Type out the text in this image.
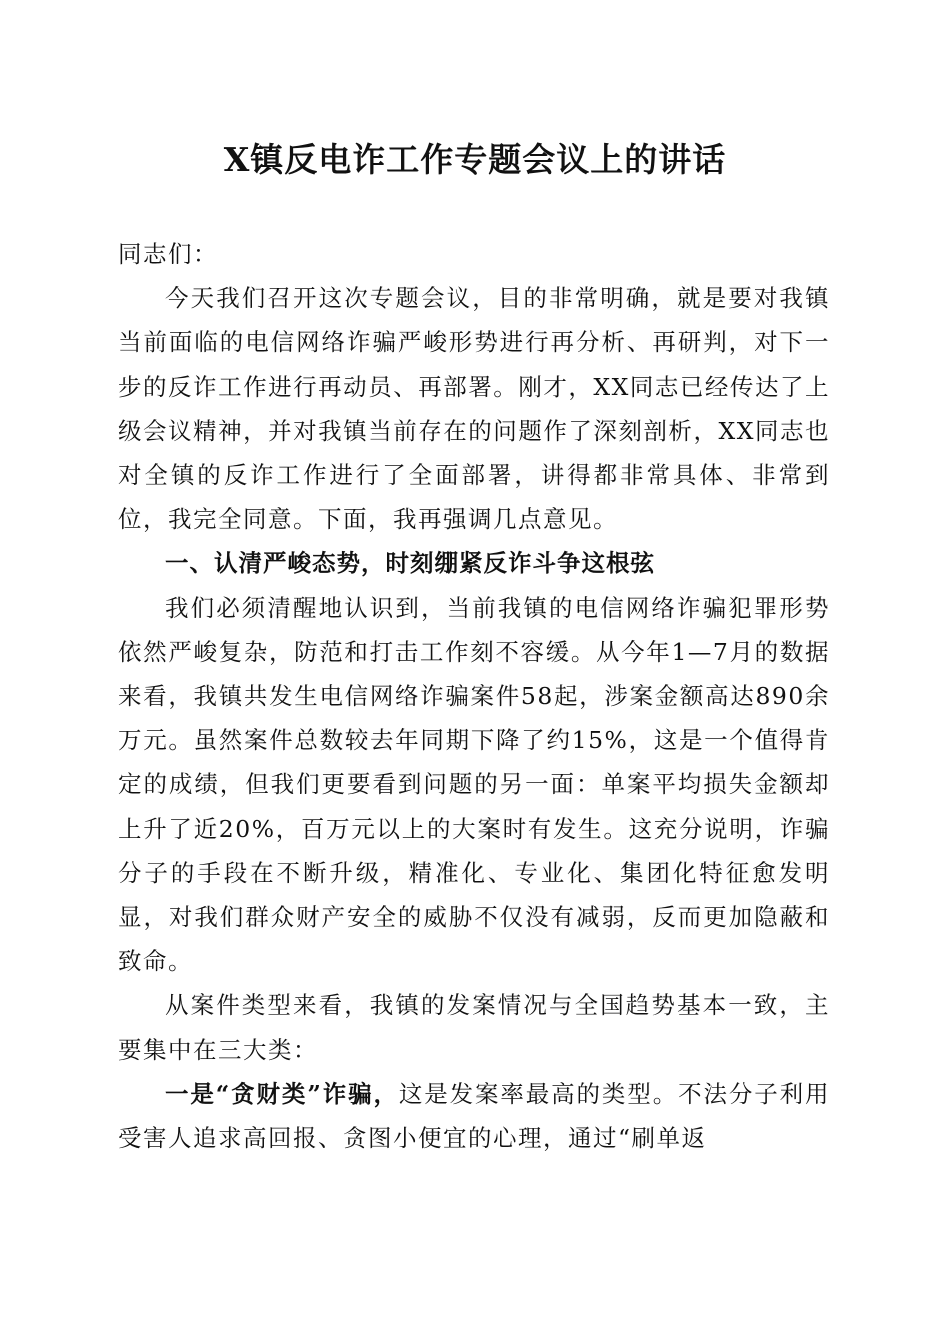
X镇反电诈工作专题会议上的讲话

同志们：

今天我们召开这次专题会议，目的非常明确，就是要对我镇当前面临的电信网络诈骗严峻形势进行再分析、再研判，对下一步的反诈工作进行再动员、再部署。刚才，XX同志已经传达了上级会议精神，并对我镇当前存在的问题作了深刻剖析，XX同志也对全镇的反诈工作进行了全面部署，讲得都非常具体、非常到位，我完全同意。下面，我再强调几点意见。

一、认清严峻态势，时刻绷紧反诈斗争这根弦

我们必须清醒地认识到，当前我镇的电信网络诈骗犯罪形势依然严峻复杂，防范和打击工作刻不容缓。从今年1—7月的数据来看，我镇共发生电信网络诈骗案件58起，涉案金额高达890余万元。虽然案件总数较去年同期下降了约15%，这是一个值得肯定的成绩，但我们更要看到问题的另一面：单案平均损失金额却上升了近20%，百万元以上的大案时有发生。这充分说明，诈骗分子的手段在不断升级，精准化、专业化、集团化特征愈发明显，对我们群众财产安全的威胁不仅没有减弱，反而更加隐蔽和致命。

从案件类型来看，我镇的发案情况与全国趋势基本一致，主要集中在三大类：

一是“贪财类”诈骗，这是发案率最高的类型。不法分子利用受害人追求高回报、贪图小便宜的心理，通过“刷单返
